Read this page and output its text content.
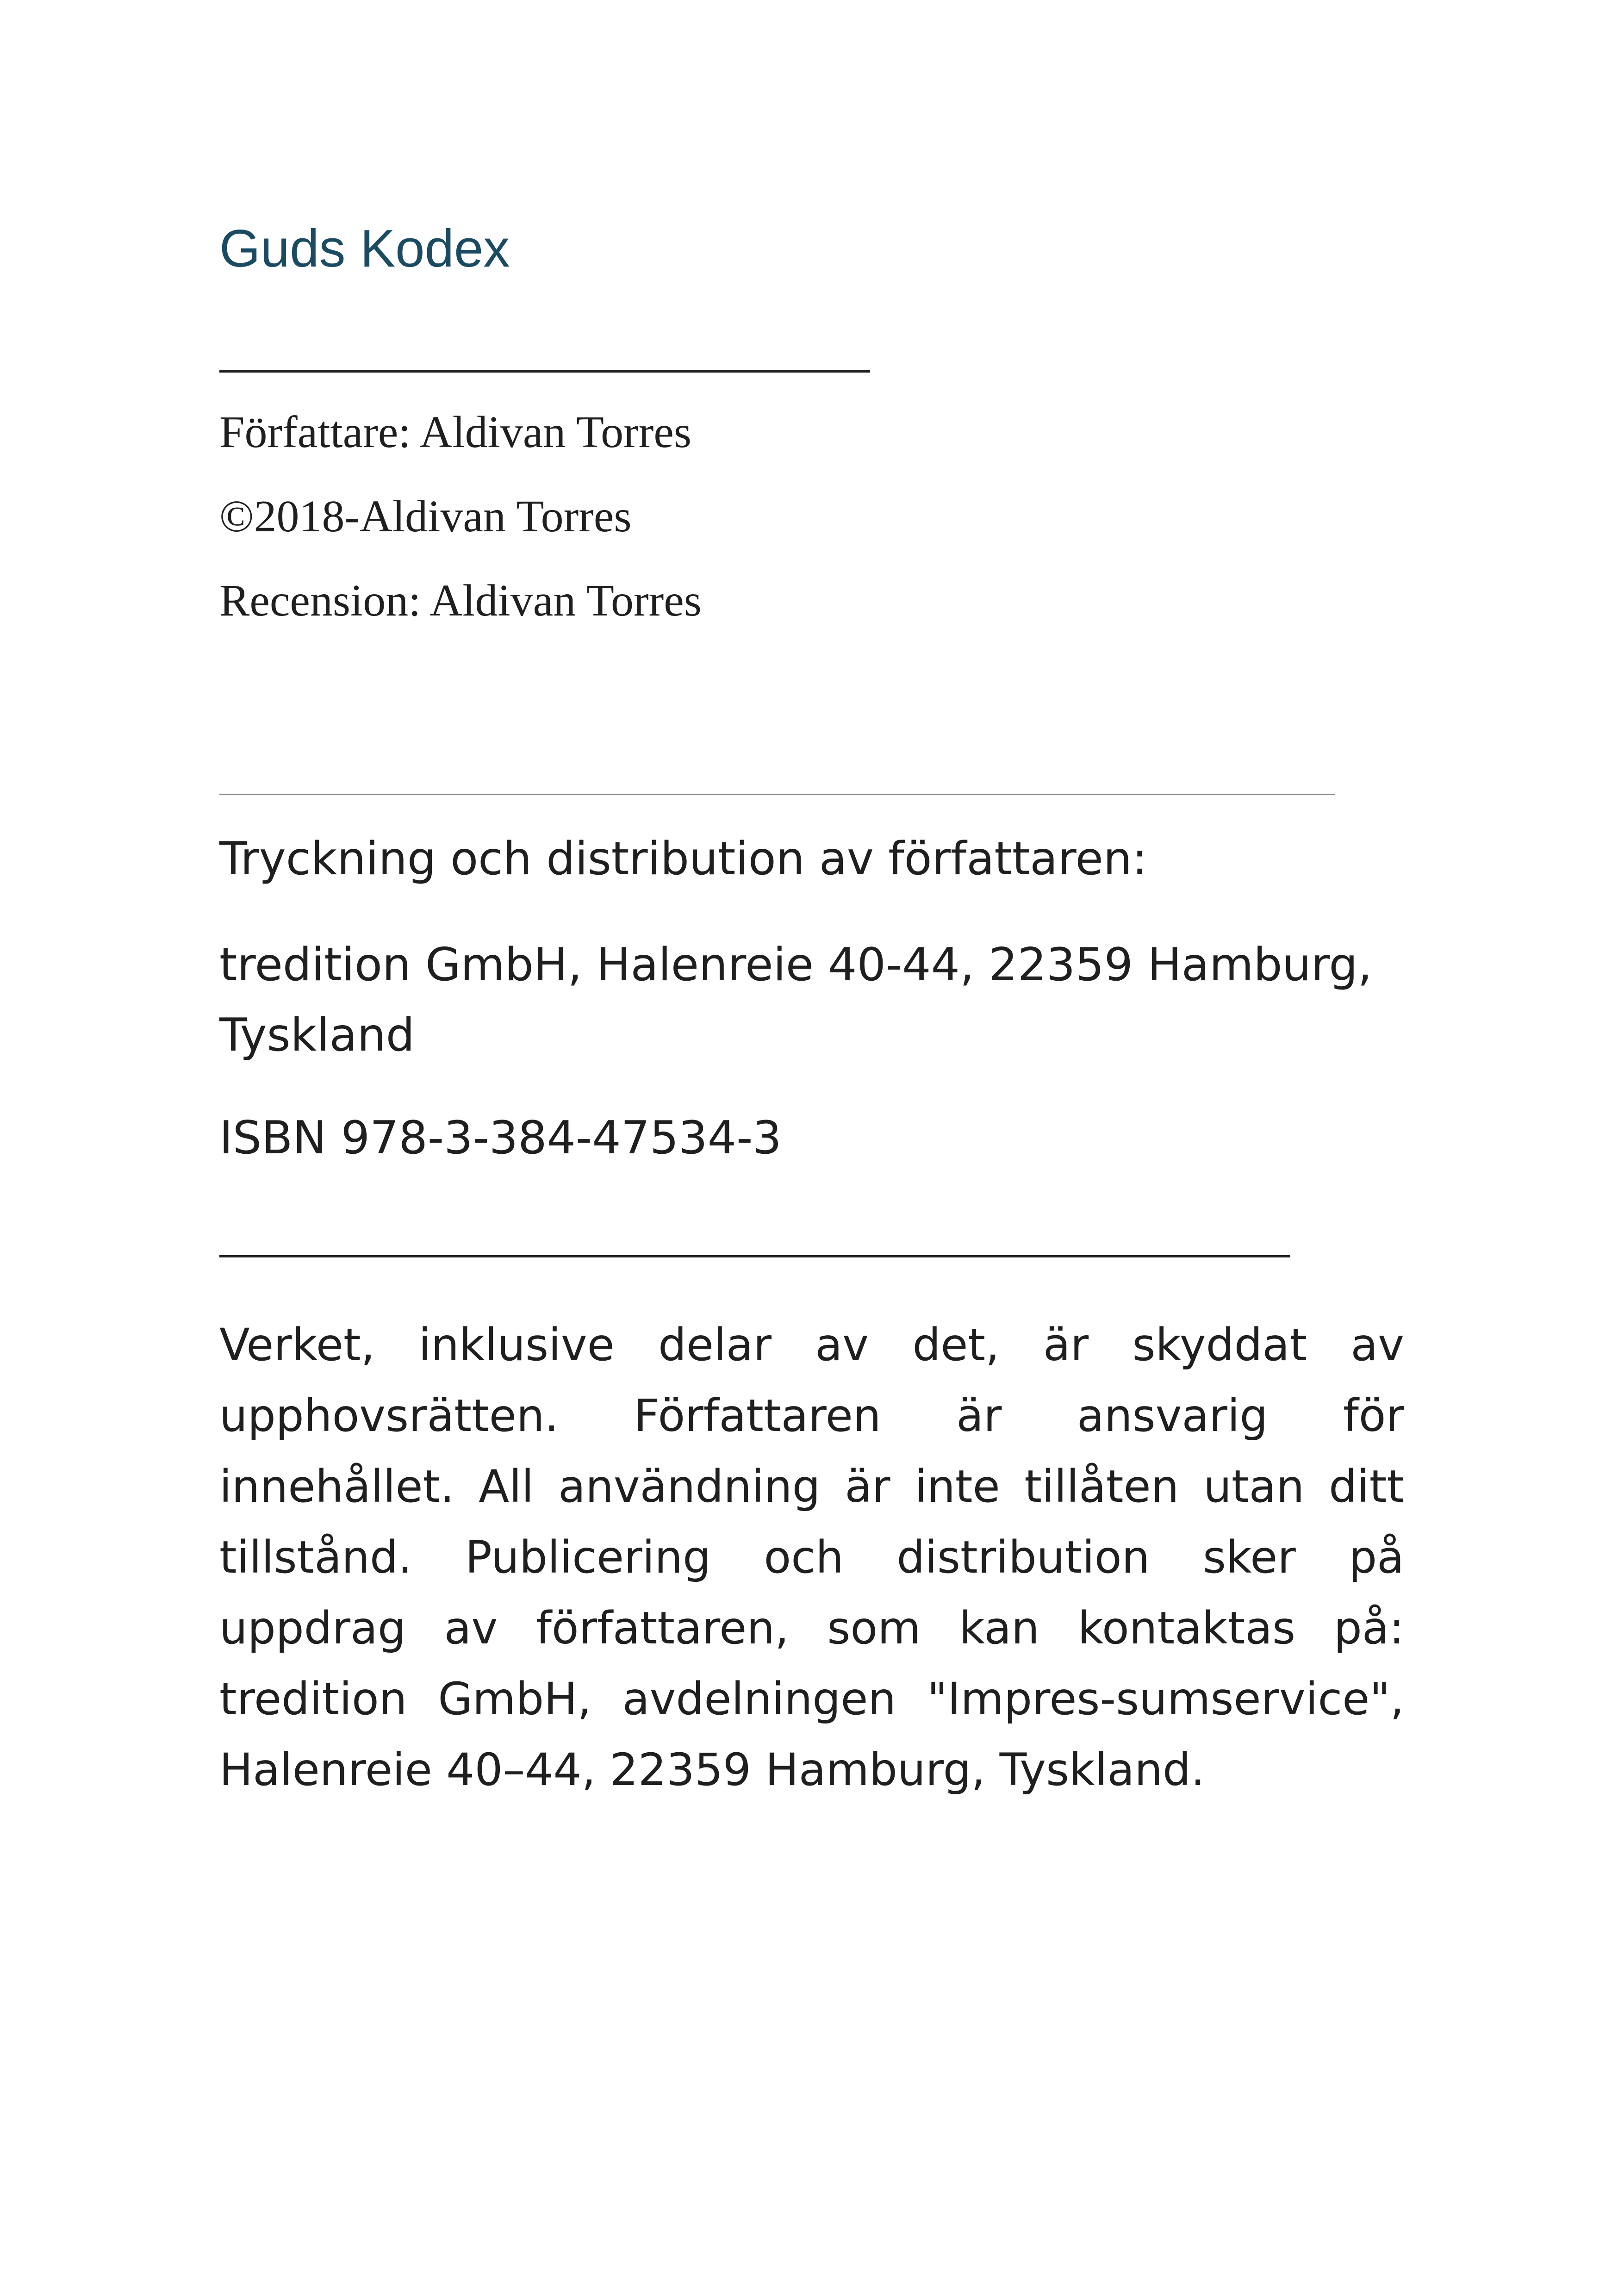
Guds Kodex
Författare: Aldivan Torres
©2018-Aldivan Torres
Recension: Aldivan Torres
Tryckning och distribution av författaren:
tredition GmbH, Halenreie 40-44, 22359 Hamburg, Tyskland
ISBN 978-3-384-47534-3
Verket, inklusive delar av det, är skyddat av upphovsrätten. Författaren är ansvarig för innehållet. All användning är inte tillåten utan ditt tillstånd. Publicering och distribution sker på uppdrag av författaren, som kan kontaktas på: tredition GmbH, avdelningen "Impres-sumservice", Halenreie 40–44, 22359 Hamburg, Tyskland.
